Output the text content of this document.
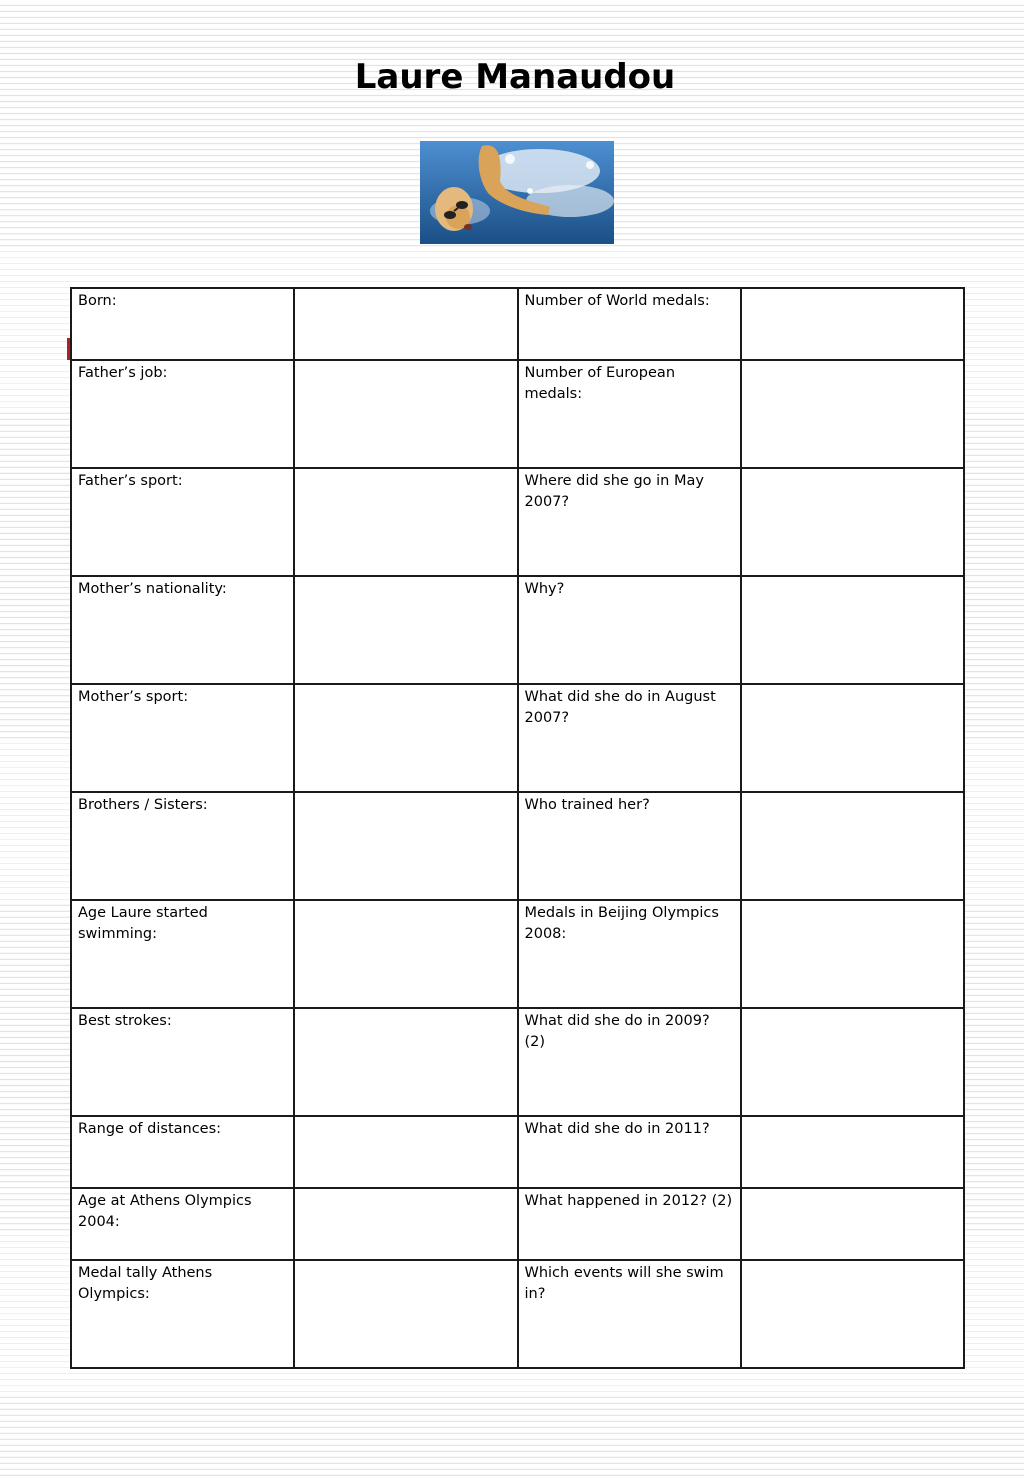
Laure Manaudou
Born:		Number of World medals:	
Father’s job:		Number of European medals:	
Father’s sport:		Where did she go in May 2007?	
Mother’s nationality:		Why?	
Mother’s sport:		What did she do in August 2007?	
Brothers / Sisters:		Who trained her?	
Age Laure started swimming:		Medals in Beijing Olympics 2008:	
Best strokes:		What did she do in 2009? (2)	
Range of distances:		What did she do in 2011?	
Age at Athens Olympics 2004:		What happened in 2012? (2)	
Medal tally Athens Olympics:		Which events will she swim in?	
